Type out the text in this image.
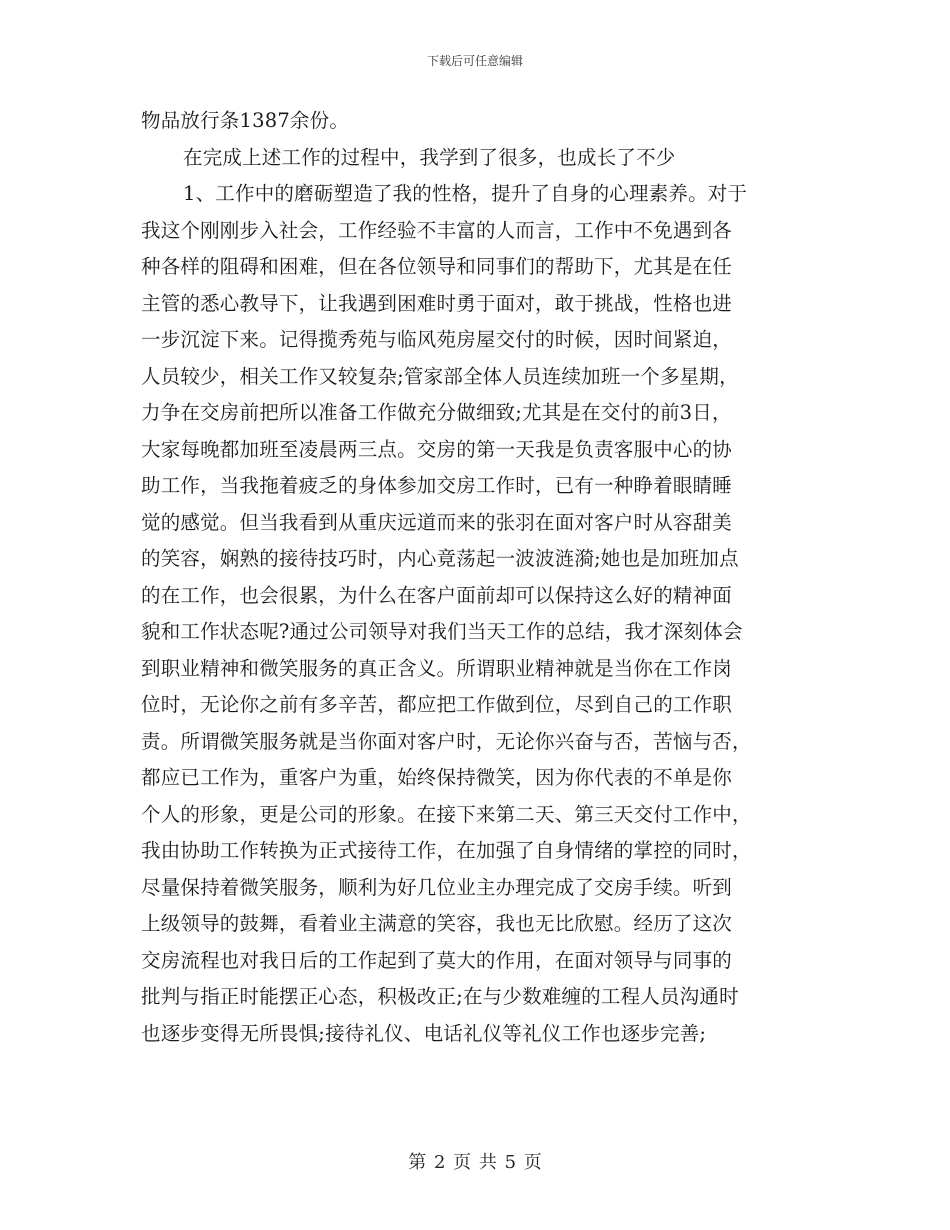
下载后可任意编辑
物品放行条1387余份。
在完成上述工作的过程中，我学到了很多，也成长了不少
1、工作中的磨砺塑造了我的性格，提升了自身的心理素养。对于
我这个刚刚步入社会，工作经验不丰富的人而言，工作中不免遇到各
种各样的阻碍和困难，但在各位领导和同事们的帮助下，尤其是在任
主管的悉心教导下，让我遇到困难时勇于面对，敢于挑战，性格也进
一步沉淀下来。记得揽秀苑与临风苑房屋交付的时候，因时间紧迫，
人员较少，相关工作又较复杂;管家部全体人员连续加班一个多星期，
力争在交房前把所以准备工作做充分做细致;尤其是在交付的前3日，
大家每晚都加班至凌晨两三点。交房的第一天我是负责客服中心的协
助工作，当我拖着疲乏的身体参加交房工作时，已有一种睁着眼睛睡
觉的感觉。但当我看到从重庆远道而来的张羽在面对客户时从容甜美
的笑容，娴熟的接待技巧时，内心竟荡起一波波涟漪;她也是加班加点
的在工作，也会很累，为什么在客户面前却可以保持这么好的精神面
貌和工作状态呢?通过公司领导对我们当天工作的总结，我才深刻体会
到职业精神和微笑服务的真正含义。所谓职业精神就是当你在工作岗
位时，无论你之前有多辛苦，都应把工作做到位，尽到自己的工作职
责。所谓微笑服务就是当你面对客户时，无论你兴奋与否，苦恼与否，
都应已工作为，重客户为重，始终保持微笑，因为你代表的不单是你
个人的形象，更是公司的形象。在接下来第二天、第三天交付工作中，
我由协助工作转换为正式接待工作，在加强了自身情绪的掌控的同时，
尽量保持着微笑服务，顺利为好几位业主办理完成了交房手续。听到
上级领导的鼓舞，看着业主满意的笑容，我也无比欣慰。经历了这次
交房流程也对我日后的工作起到了莫大的作用，在面对领导与同事的
批判与指正时能摆正心态，积极改正;在与少数难缠的工程人员沟通时
也逐步变得无所畏惧;接待礼仪、电话礼仪等礼仪工作也逐步完善;
第 2 页 共 5 页
